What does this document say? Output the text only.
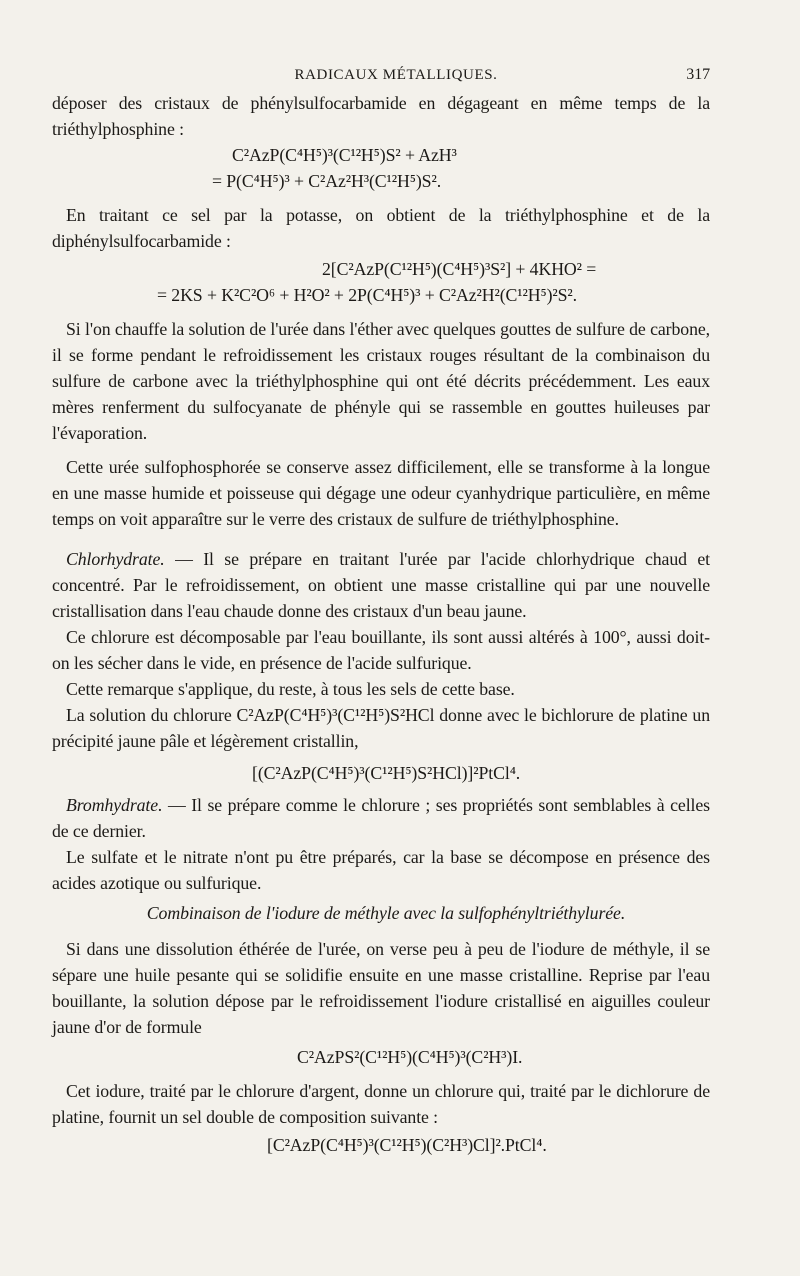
RADICAUX MÉTALLIQUES.	317

déposer des cristaux de phénylsulfocarbamide en dégageant en même temps de la triéthylphosphine :

C²AzP(C⁴H⁵)³(C¹²H⁵)S² + AzH³
= P(C⁴H⁵)³ + C²Az²H³(C¹²H⁵)S².

En traitant ce sel par la potasse, on obtient de la triéthylphosphine et de la diphénylsulfocarbamide :

2[C²AzP(C¹²H⁵)(C⁴H⁵)³S²] + 4KHO² =
= 2KS + K²C²O⁶ + H²O² + 2P(C⁴H⁵)³ + C²Az²H²(C¹²H⁵)²S².

Si l'on chauffe la solution de l'urée dans l'éther avec quelques gouttes de sulfure de carbone, il se forme pendant le refroidissement les cristaux rouges résultant de la combinaison du sulfure de carbone avec la triéthylphosphine qui ont été décrits précédemment. Les eaux mères renferment du sulfocyanate de phényle qui se rassemble en gouttes huileuses par l'évaporation.

Cette urée sulfophosphorée se conserve assez difficilement, elle se transforme à la longue en une masse humide et poisseuse qui dégage une odeur cyanhydrique particulière, en même temps on voit apparaître sur le verre des cristaux de sulfure de triéthylphosphine.

Chlorhydrate. — Il se prépare en traitant l'urée par l'acide chlorhydrique chaud et concentré. Par le refroidissement, on obtient une masse cristalline qui par une nouvelle cristallisation dans l'eau chaude donne des cristaux d'un beau jaune.

Ce chlorure est décomposable par l'eau bouillante, ils sont aussi altérés à 100°, aussi doit-on les sécher dans le vide, en présence de l'acide sulfurique.

Cette remarque s'applique, du reste, à tous les sels de cette base.

La solution du chlorure C²AzP(C⁴H⁵)³(C¹²H⁵)S²HCl donne avec le bichlorure de platine un précipité jaune pâle et légèrement cristallin,

[(C²AzP(C⁴H⁵)³(C¹²H⁵)S²HCl)]²PtCl⁴.

Bromhydrate. — Il se prépare comme le chlorure ; ses propriétés sont semblables à celles de ce dernier.

Le sulfate et le nitrate n'ont pu être préparés, car la base se décompose en présence des acides azotique ou sulfurique.

Combinaison de l'iodure de méthyle avec la sulfophényltriéthylurée.

Si dans une dissolution éthérée de l'urée, on verse peu à peu de l'iodure de méthyle, il se sépare une huile pesante qui se solidifie ensuite en une masse cristalline. Reprise par l'eau bouillante, la solution dépose par le refroidissement l'iodure cristallisé en aiguilles couleur jaune d'or de formule

C²AzPS²(C¹²H⁵)(C⁴H⁵)³(C²H³)I.

Cet iodure, traité par le chlorure d'argent, donne un chlorure qui, traité par le dichlorure de platine, fournit un sel double de composition suivante :

[C²AzP(C⁴H⁵)³(C¹²H⁵)(C²H³)Cl]².PtCl⁴.
